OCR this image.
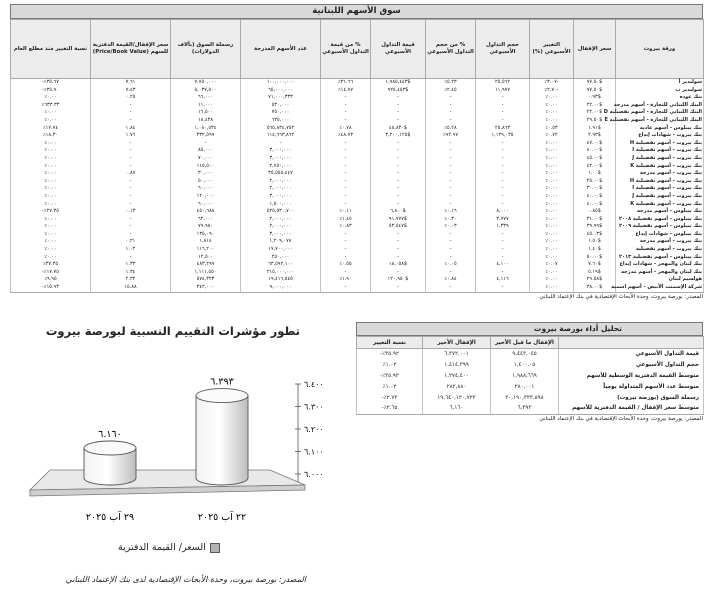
سوق الأسهم اللبنانية
ورقة بيروت	سعر الإقفال	التغيير الأسبوعي (%)	حجم التداول الأسبوعي	% من حجم التداول الأسبوعي	قيمة التداول الأسبوعي	% من قيمة التداول الأسبوعي	عدد الأسهم المدرجة	رسملة السوق (بآلاف الدولارات)	سعر الإقفال/القيمة الدفترية للسهم (Price/Book Value)	نسبة التغيير منذ مطلع العام
سوليدير أ	$٧٧.٥٠	-٣.٠٧٪	٢٥,٥٦٢	٥.٢٣٪	$١,٩٨٥,٤٤٣	٣١.٦٦٪	١٠٠,٠٠٠,٠٠٠	٧,٧٥٠,٠٠٠	٧.٦١	٣٥.٦٧٪-
سوليدير ب	$٧٧.٥٠	-٢.٧٠٪	١١,٩٧٧	٢.٤٥٪	$٩٢٥,٤٥٣	١٤.٧٧٪	٦٥,٠٠٠,٠٠٠	٥,٠٣٧,٥٠٠	٧.٤٣	٣٥.٩٠٪-
بنك عوده	$٠.٩٣	٠.٠٠٪	-	-	-	-	٧١,٠٠٠,٣٣٣	٦٦,٠٠٠	٠.٢٥	٠.٠٠٪
البنك اللبناني للتجارة - أسهم مدرجة	$٢٢.٠٠	٠.٠٠٪	-	-	-	-	٥٣٠,٠٠٠	١١,٠٠٠	-	٦٣٣.٣٣٪
البنك اللبناني للتجارة - أسهم تفضيلية D	$٢٢.٠٠	٠.٠٠٪	-	-	-	-	٧٥٠,٠٠٠	١٦,٥٠٠	-	٠.٠٠٪
البنك اللبناني للتجارة - أسهم تفضيلية E	$٢٩.٥٠	٠.٠٠٪	-	-	-	-	٦٢٥,٠٠٠	١٨,٤٣٨	-	٠.٠٠٪
بنك بيبلوس - أسهم عادية	$١.٩١	٠.٥٣٪	٢٥,٨٦٣	٥.٢٨٪	$٤٨,٨٣٠	٠.٧٨٪	٥٦٥,٨٣٤,٧٥٢	١,٠٨٠,٥٣٤	١.٨٤	١٧.٧٤٪
بنك بيروت - شهادات إيداع	$٢.٩٣	٠.٧٢٪	١,١٢٩,٠٣٥	٩٢.٩٧٪	$٣,٢٠٠,١٢٥	٤٨.٧٣٪	١١٤,٦٦٣,٨٦٢	٣٣٢,٥٩٩	١.٧٦	١٨.٣٠٪
بنك بيروت - أسهم تفضيلية H	$٤٧.٠٠	٠.٠٠٪	-	-	-	-	-	-	-	٠.٠٠٪
بنك بيروت - أسهم تفضيلية I	$٤٠.٠٠	٠.٠٠٪	-	-	-	-	٣,٠٠٠,٠٠٠	٨٥,٠٠٠	-	٠.٠٠٪
بنك بيروت - أسهم تفضيلية J	$٤٥.٠٠	٠.٠٠٪	-	-	-	-	٣,٠٠٠,٠٠٠	٧٠,٠٠٠	-	٠.٠٠٪
بنك بيروت - أسهم تفضيلية K	$٤٢.٠٠	٠.٠٠٪	-	-	-	-	٢,٧٥٠,٠٠٠	١١٥,٥٠٠	-	٠.٠٠٪
بنك بيروت - أسهم مدرجة	$١.٠٠	٠.٠٠٪	-	-	-	-	٣٥,٥٥٥,٤٤٧	٣٠,٠٠٠	٠.٨٧	٠.٠٠٪
بنك بيروت - أسهم تفضيلية H	$٢٥.٠٠	٠.٠٠٪	-	-	-	-	٢,٠٠٠,٠٠٠	٥٠,٠٠٠	-	٠.٠٠٪
بنك بيروت - أسهم تفضيلية I	$٣٠.٠٠	٠.٠٠٪	-	-	-	-	٢,٠٠٠,٠٠٠	٦٠,٠٠٠	-	٠.٠٠٪
بنك بيروت - أسهم تفضيلية J	$٤٠.٠٠	٠.٠٠٪	-	-	-	-	٣,٠٠٠,٠٠٠	١٢٠,٠٠٠	-	٠.٠٠٪
بنك بيروت - أسهم تفضيلية K	$٤٠.٠٠	٠.٠٠٪	-	-	-	-	١,٥٠٠,٠٠٠	٦٠,٠٠٠	-	٠.٠٠٪
بنك بيبلوس - أسهم مدرجة	$٠.٨٥	٠.٠٠٪	٨,٠٠٠	٠.١٦٪	$٦,٨٠٠	٠.١١٪	٥٢٥,٥٣٠,٧٠٠	٤٥٠,٦٨٨	٠.١٣	٢٧.٣٥٪-
بنك بيبلوس - أسهم تفضيلية ٢٠٠٨	$٣١.٠٠	٠.٠٠٪	٣,٧٧٧	٠.٣٠٪	$٩١,٧٧٧	١.٤٥٪	٢,٠٠٠,٠٠٠	٦٢,٠٠٠	-	٠.٠٠٪
بنك بيبلوس - أسهم تفضيلية ٢٠٠٩	$٣٩.٩٩	٠.٠٠٪	١,٣٣٩	٠.٠٣٪	$٥٣,٥٤٧	٠.٨٣٪	٢,٠٠٠,٠٠٠	٧٩,٩٨٠	-	٠.٠٠٪
بنك بيبلوس - شهادات إيداع	$٤٥.٠٣	٠.٠٠٪	-	-	-	-	٣,٠٠٠,٠٠٠	١٣٥,٠٩٠	-	٠.٠٠٪
بنك بيروت - أسهم مدرجة	$١.٥٠	٠.٠٠٪	-	-	-	-	١,٢٠٩,٠٧٨	١,٨١٤	٠.٢١	٠.٠٠٪
بنك بيروت - أسهم تفضيلية	$١.٤٠	٠.٠٠٪	-	-	-	-	١٧,٧٠٠,٠٠٠	١١٦,٢٠٠	١.٠٢	٠.٠٠٪
بنك بيبلوس - أسهم تفضيلية ٢٠١٣	$٥٠.٠٠	٠.٠٠٪	-	-	-	-	٢٥٠,٠٠٠	١٢,٥٠٠	-	٠.٠٠٪
بنك لبنان والمهجر - شهادات إيداع	$٧.٦٠	٠.٠٧٪	٤,١٠٠	٠.٠٥٪	$١٨,٠٥٨	٠.٥٥٪	٦٣,٥٩٢,١٠٠	٤٨٣,٢٩٩	١.٣٣	٣٧.٣٥٪
بنك لبنان والمهجر - أسهم مدرجة	$٥.١٩	٠.٠٠٪	-	-	-	-	٢١٥,٠٠٠,٠٠٠	١,١١١,٥٥٠	١.٣٤	١٧.٧٥٪-
هولسيم لبنان	$٢٩.٥٨	٠.٠٠٪	٤,١١٦	٠.٨٤٪	$١٢٠,٩٥٠	١.٩٠٪	١٩,٤١٦,٥٤٥	٥٧٤,٣٢٣	٢.٣٢	٩.٩٥٪
شركة الإسمنت الأبيض - أسهم اسمية	$٣٨.٠٠	٠.٠٠٪	-	-	-	-	٩,٠٠٠,٠٠٠	٣٤٢,٠٠٠	١٥.٨٨	١٥.٩٣٪-
المصدر: بورصة بيروت، وحدة الأبحاث الإقتصادية في بنك الإعتماد اللبناني
تطور مؤشرات التقييم النسبية لبورصة بيروت
٦.٠٠٠
٦.١٠٠
٦.٢٠٠
٦.٣٠٠
٦.٤٠٠
٦.٣٩٣
٢٢ آب ٢٠٢٥
٦.١٦٠
٢٩ آب ٢٠٢٥
السعر/ القيمة الدفترية
المصدر: بورصة بيروت، وحدة الأبحاث الإقتصادية لدى بنك الإعتماد اللبناني
تحليل أداء بورصة بيروت
	الإقفال ما قبل الأخير	الإقفال الأخير	نسبة التغيير
قيمة التداول الأسبوعي	٩,٤٤٣,٠٤٥	٦,٣٧٢,٠٠١	٣٥.٩٢٪-
حجم التداول الأسبوعي	١,٤٠٠,٠٥	١,٤١٤,٣٩٩	١.٠٢٪
متوسط القيمة الدفترية الوسطية للأسهم	١,٩٨٨,٦٦٩	١,٢٧٤,٤٠٠	٣٥.٩٢٪-
متوسط عدد الأسهم المتداولة يومياً	٢٨٠,٠٠١	٢٨٢,٨٨٠	١.٠٢٪
رسملة السوق (بورصة بيروت)	٢٠,١٩٠,٣٣٣,٥٩٨	١٩,٦٤٠,١٢٠,٧٢٢	٢.٧٣٪-
متوسط سعر الإقفال / القيمة الدفترية للأسهم	٦,٣٩٣	٦,١٦٠	٣.٦٥٪-
المصدر: بورصة بيروت، وحدة الأبحاث الإقتصادية في بنك الإعتماد اللبناني
